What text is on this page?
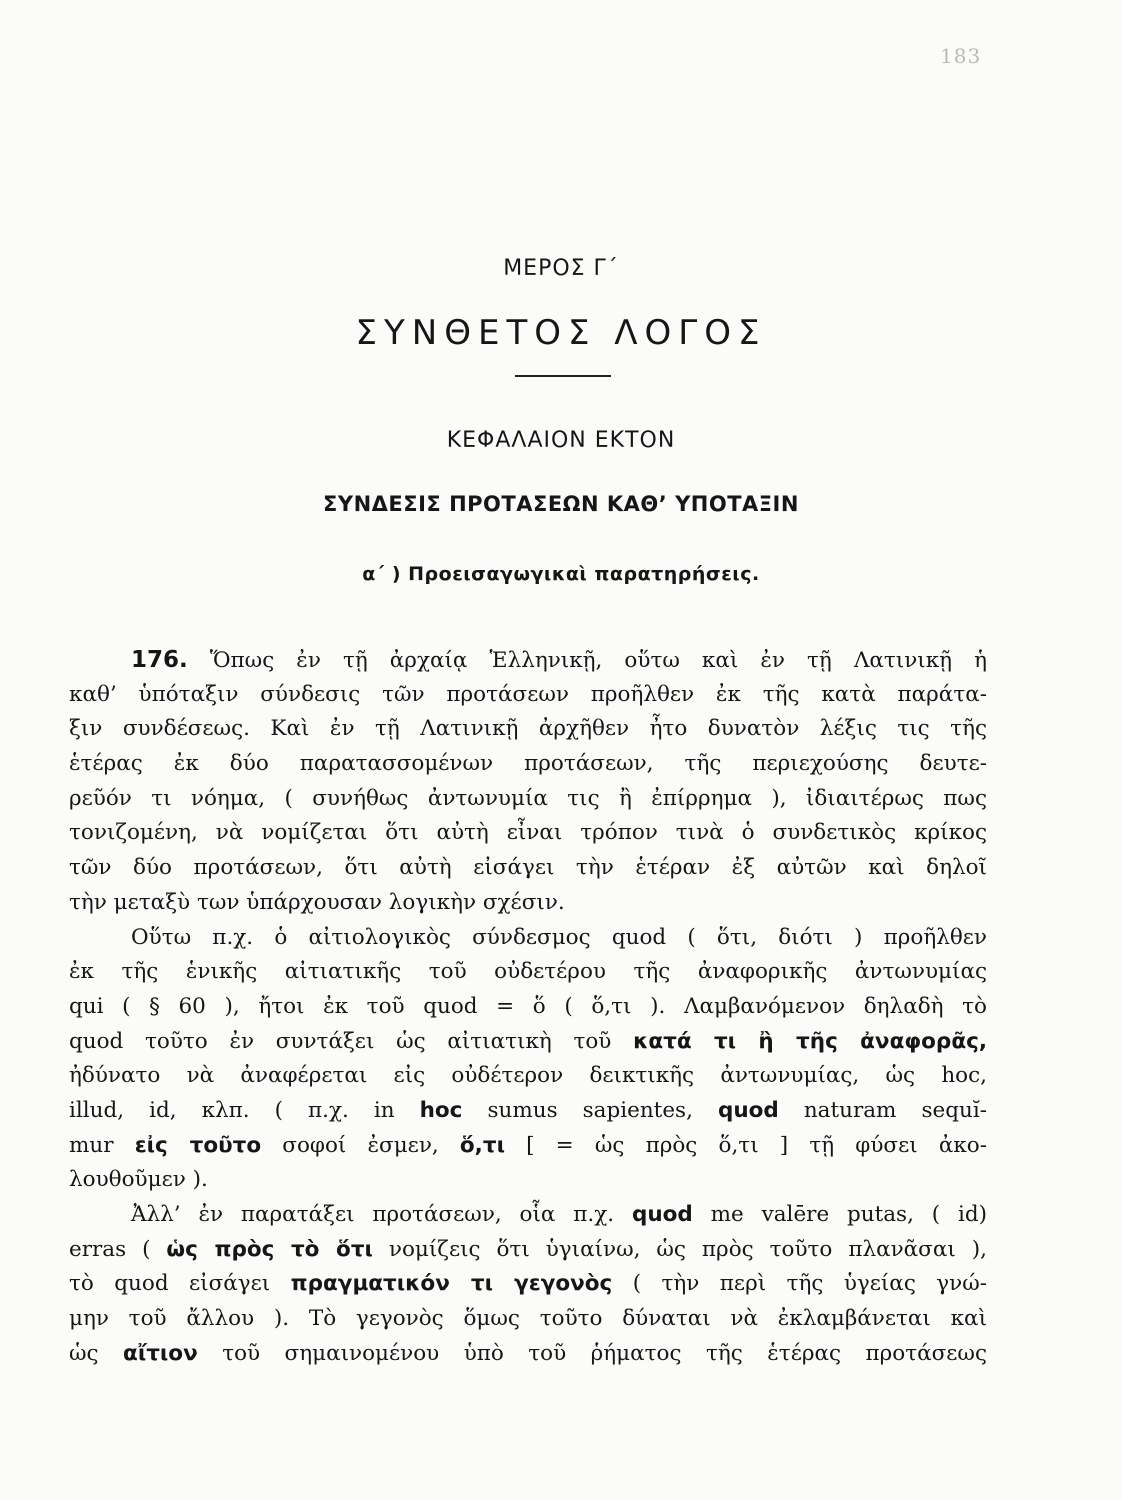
183
ΜΕΡΟΣ Γ΄
ΣΥΝΘΕΤΟΣ ΛΟΓΟΣ
ΚΕΦΑΛΑΙΟΝ ΕΚΤΟΝ
ΣΥΝΔΕΣΙΣ ΠΡΟΤΑΣΕΩΝ ΚΑΘ’ ΥΠΟΤΑΞΙΝ
α΄ ) Προεισαγωγικαὶ παρατηρήσεις.
176. Ὅπως ἐν τῇ ἀρχαίᾳ Ἑλληνικῇ, οὕτω καὶ ἐν τῇ Λατινικῇ ἡ
καθ’ ὑπόταξιν σύνδεσις τῶν προτάσεων προῆλθεν ἐκ τῆς κατὰ παράτα-
ξιν συνδέσεως. Καὶ ἐν τῇ Λατινικῇ ἀρχῆθεν ἦτο δυνατὸν λέξις τις τῆς
ἑτέρας ἐκ δύο παρατασσομένων προτάσεων, τῆς περιεχούσης δευτε-
ρεῦόν τι νόημα, ( συνήθως ἀντωνυμία τις ἢ ἐπίρρημα ), ἰδιαιτέρως πως
τονιζομένη, νὰ νομίζεται ὅτι αὐτὴ εἶναι τρόπον τινὰ ὁ συνδετικὸς κρίκος
τῶν δύο προτάσεων, ὅτι αὐτὴ εἰσάγει τὴν ἑτέραν ἐξ αὐτῶν καὶ δηλοῖ
τὴν μεταξὺ των ὑπάρχουσαν λογικὴν σχέσιν.
Οὕτω π.χ. ὁ αἰτιολογικὸς σύνδεσμος quod ( ὅτι, διότι ) προῆλθεν
ἐκ τῆς ἑνικῆς αἰτιατικῆς τοῦ οὐδετέρου τῆς ἀναφορικῆς ἀντωνυμίας
qui ( § 60 ), ἤτοι ἐκ τοῦ quod = ὅ ( ὅ,τι ). Λαμβανόμενον δηλαδὴ τὸ
quod τοῦτο ἐν συντάξει ὡς αἰτιατικὴ τοῦ κατά τι ἢ τῆς ἀναφορᾶς,
ἠδύνατο νὰ ἀναφέρεται εἰς οὐδέτερον δεικτικῆς ἀντωνυμίας, ὡς hoc,
illud, id, κλπ. ( π.χ. in hoc sumus sapientes, quod naturam sequĭ-
mur εἰς τοῦτο σοφοί ἐσμεν, ὅ,τι [ = ὡς πρὸς ὅ,τι ] τῇ φύσει ἀκο-
λουθοῦμεν ).
Ἀλλ’ ἐν παρατάξει προτάσεων, οἷα π.χ. quod me valēre putas, ( id)
erras ( ὡς πρὸς τὸ ὅτι νομίζεις ὅτι ὑγιαίνω, ὡς πρὸς τοῦτο πλανᾶσαι ),
τὸ quod εἰσάγει πραγματικόν τι γεγονὸς ( τὴν περὶ τῆς ὑγείας γνώ-
μην τοῦ ἄλλου ). Τὸ γεγονὸς ὅμως τοῦτο δύναται νὰ ἐκλαμβάνεται καὶ
ὡς αἴτιον τοῦ σημαινομένου ὑπὸ τοῦ ῥήματος τῆς ἑτέρας προτάσεως
